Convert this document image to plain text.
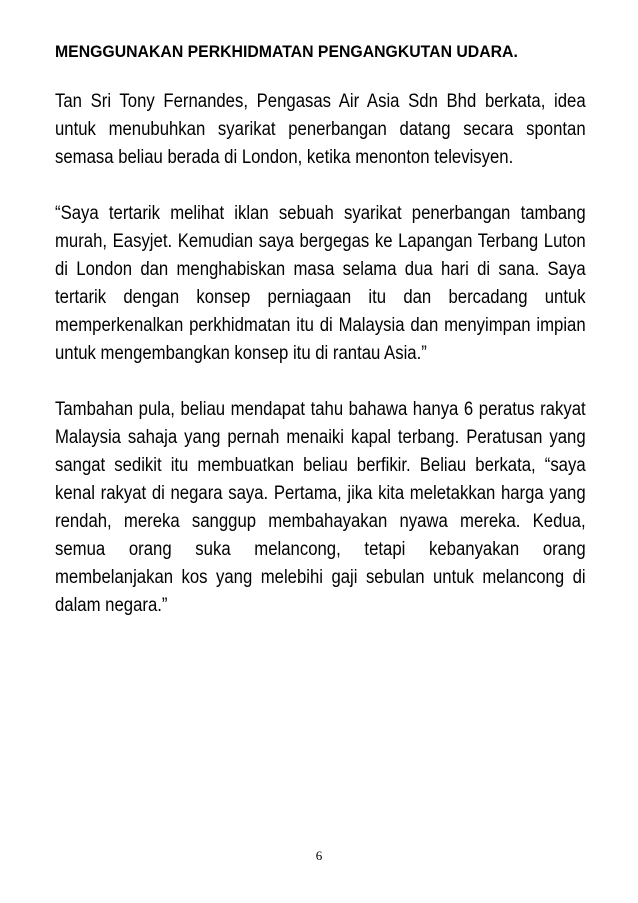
MENGGUNAKAN PERKHIDMATAN PENGANGKUTAN UDARA.

Tan Sri Tony Fernandes, Pengasas Air Asia Sdn Bhd berkata, idea untuk menubuhkan syarikat penerbangan datang secara spontan semasa beliau berada di London, ketika menonton televisyen.

“Saya tertarik melihat iklan sebuah syarikat penerbangan tambang murah, Easyjet. Kemudian saya bergegas ke Lapangan Terbang Luton di London dan menghabiskan masa selama dua hari di sana. Saya tertarik dengan konsep perniagaan itu dan bercadang untuk memperkenalkan perkhidmatan itu di Malaysia dan menyimpan impian untuk mengembangkan konsep itu di rantau Asia.”

Tambahan pula, beliau mendapat tahu bahawa hanya 6 peratus rakyat Malaysia sahaja yang pernah menaiki kapal terbang. Peratusan yang sangat sedikit itu membuatkan beliau berfikir. Beliau berkata, “saya kenal rakyat di negara saya. Pertama, jika kita meletakkan harga yang rendah, mereka sanggup membahayakan nyawa mereka. Kedua, semua orang suka melancong, tetapi kebanyakan orang membelanjakan kos yang melebihi gaji sebulan untuk melancong di dalam negara.”

6
